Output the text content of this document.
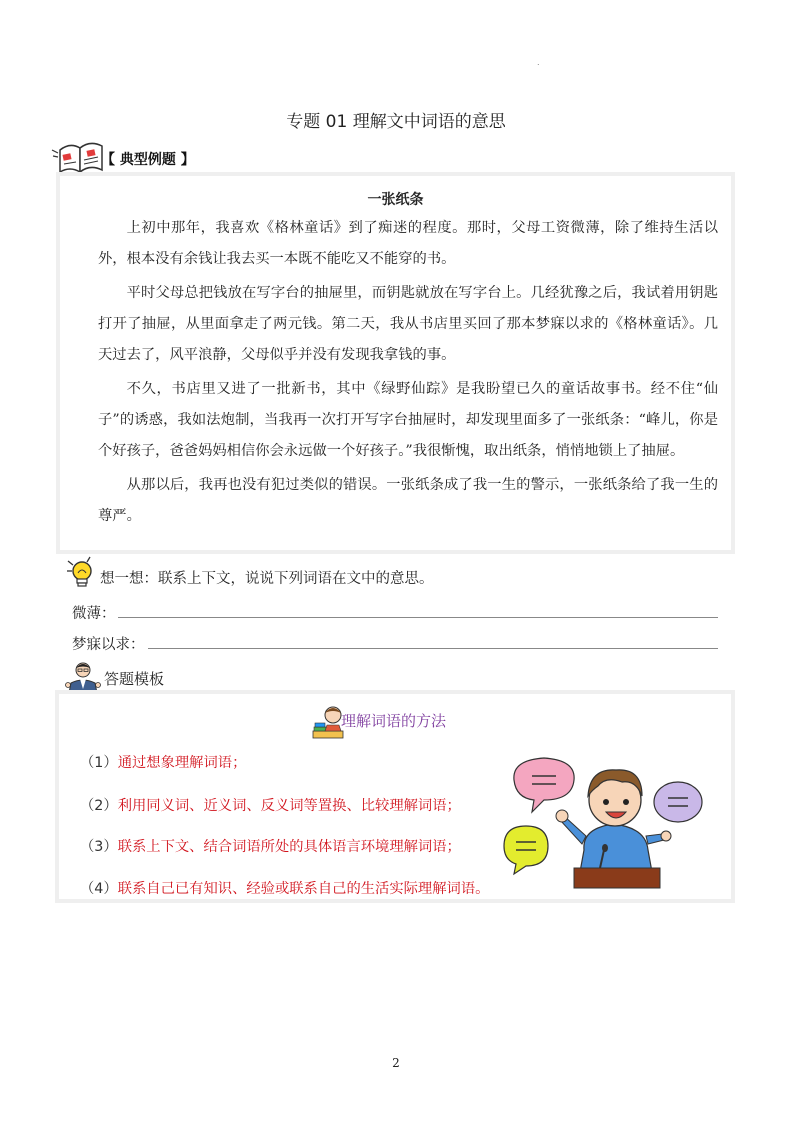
.
专题 01 理解文中词语的意思
【 典型例题 】
一张纸条

上初中那年，我喜欢《格林童话》到了痴迷的程度。那时，父母工资微薄，除了维持生活以外，根本没有余钱让我去买一本既不能吃又不能穿的书。

平时父母总把钱放在写字台的抽屉里，而钥匙就放在写字台上。几经犹豫之后，我试着用钥匙打开了抽屉，从里面拿走了两元钱。第二天，我从书店里买回了那本梦寐以求的《格林童话》。几天过去了，风平浪静，父母似乎并没有发现我拿钱的事。

不久，书店里又进了一批新书，其中《绿野仙踪》是我盼望已久的童话故事书。经不住“仙子”的诱惑，我如法炮制，当我再一次打开写字台抽屉时，却发现里面多了一张纸条：“峰儿，你是个好孩子，爸爸妈妈相信你会永远做一个好孩子。”我很惭愧，取出纸条，悄悄地锁上了抽屉。

从那以后，我再也没有犯过类似的错误。一张纸条成了我一生的警示，一张纸条给了我一生的尊严。

想一想：联系上下文，说说下列词语在文中的意思。
微薄：
梦寐以求：
答题模板
理解词语的方法
（1）通过想象理解词语；
（2）利用同义词、近义词、反义词等置换、比较理解词语；
（3）联系上下文、结合词语所处的具体语言环境理解词语；
（4）联系自己已有知识、经验或联系自己的生活实际理解词语。
2
